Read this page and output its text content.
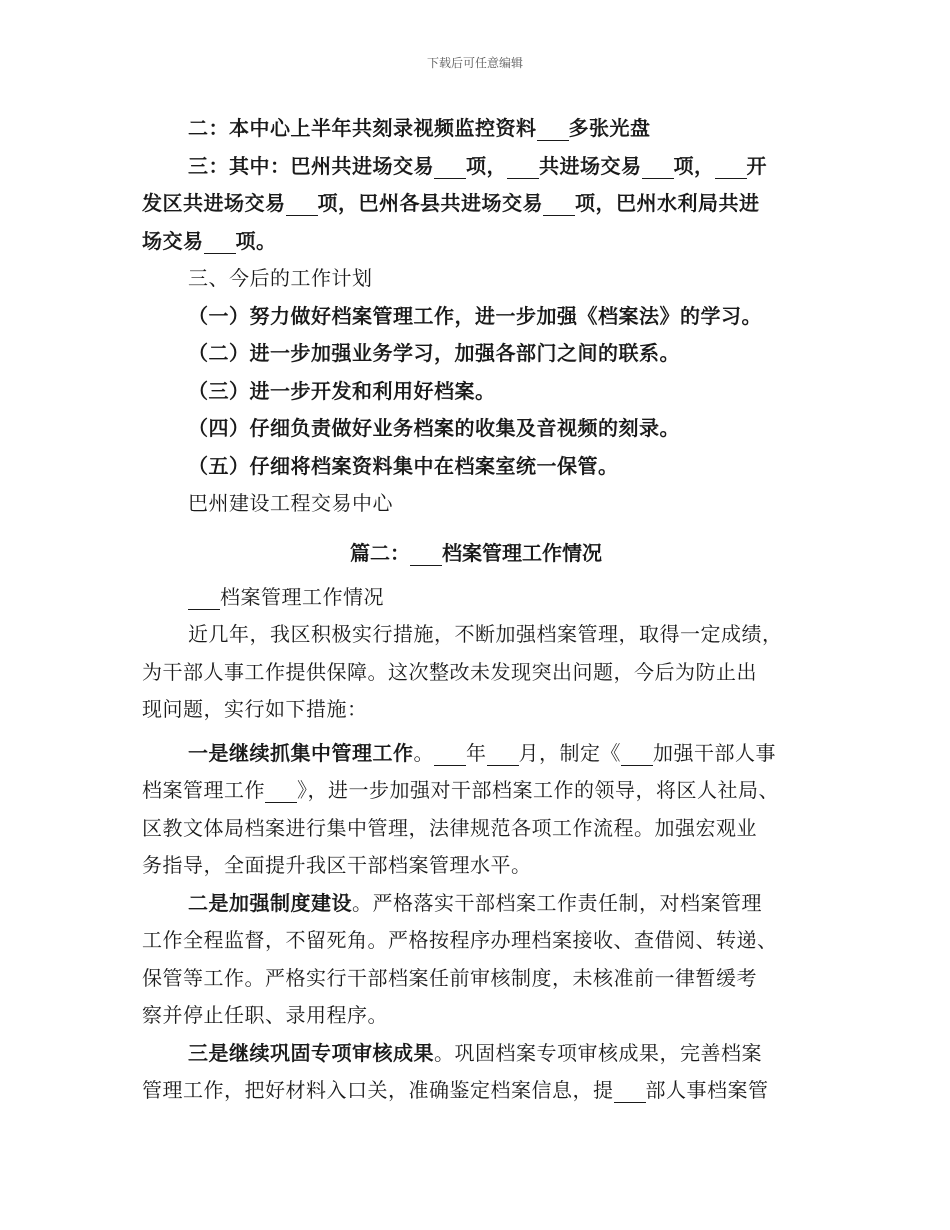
下载后可任意编辑
二：本中心上半年共刻录视频监控资料 多张光盘
三：其中：巴州共进场交易 项， 共进场交易 项， 开
发区共进场交易 项，巴州各县共进场交易 项，巴州水利局共进
场交易 项。
三、今后的工作计划
（一）努力做好档案管理工作，进一步加强《档案法》的学习。
（二）进一步加强业务学习，加强各部门之间的联系。
（三）进一步开发和利用好档案。
（四）仔细负责做好业务档案的收集及音视频的刻录。
（五）仔细将档案资料集中在档案室统一保管。
巴州建设工程交易中心
篇二： 档案管理工作情况
档案管理工作情况
近几年，我区积极实行措施，不断加强档案管理，取得一定成绩，
为干部人事工作提供保障。这次整改未发现突出问题，今后为防止出
现问题，实行如下措施：
一是继续抓集中管理工作。 年 月，制定《 加强干部人事
档案管理工作 》，进一步加强对干部档案工作的领导，将区人社局、
区教文体局档案进行集中管理，法律规范各项工作流程。加强宏观业
务指导，全面提升我区干部档案管理水平。
二是加强制度建设。严格落实干部档案工作责任制，对档案管理
工作全程监督，不留死角。严格按程序办理档案接收、查借阅、转递、
保管等工作。严格实行干部档案任前审核制度，未核准前一律暂缓考
察并停止任职、录用程序。
三是继续巩固专项审核成果。巩固档案专项审核成果，完善档案
管理工作，把好材料入口关，准确鉴定档案信息，提 部人事档案管
